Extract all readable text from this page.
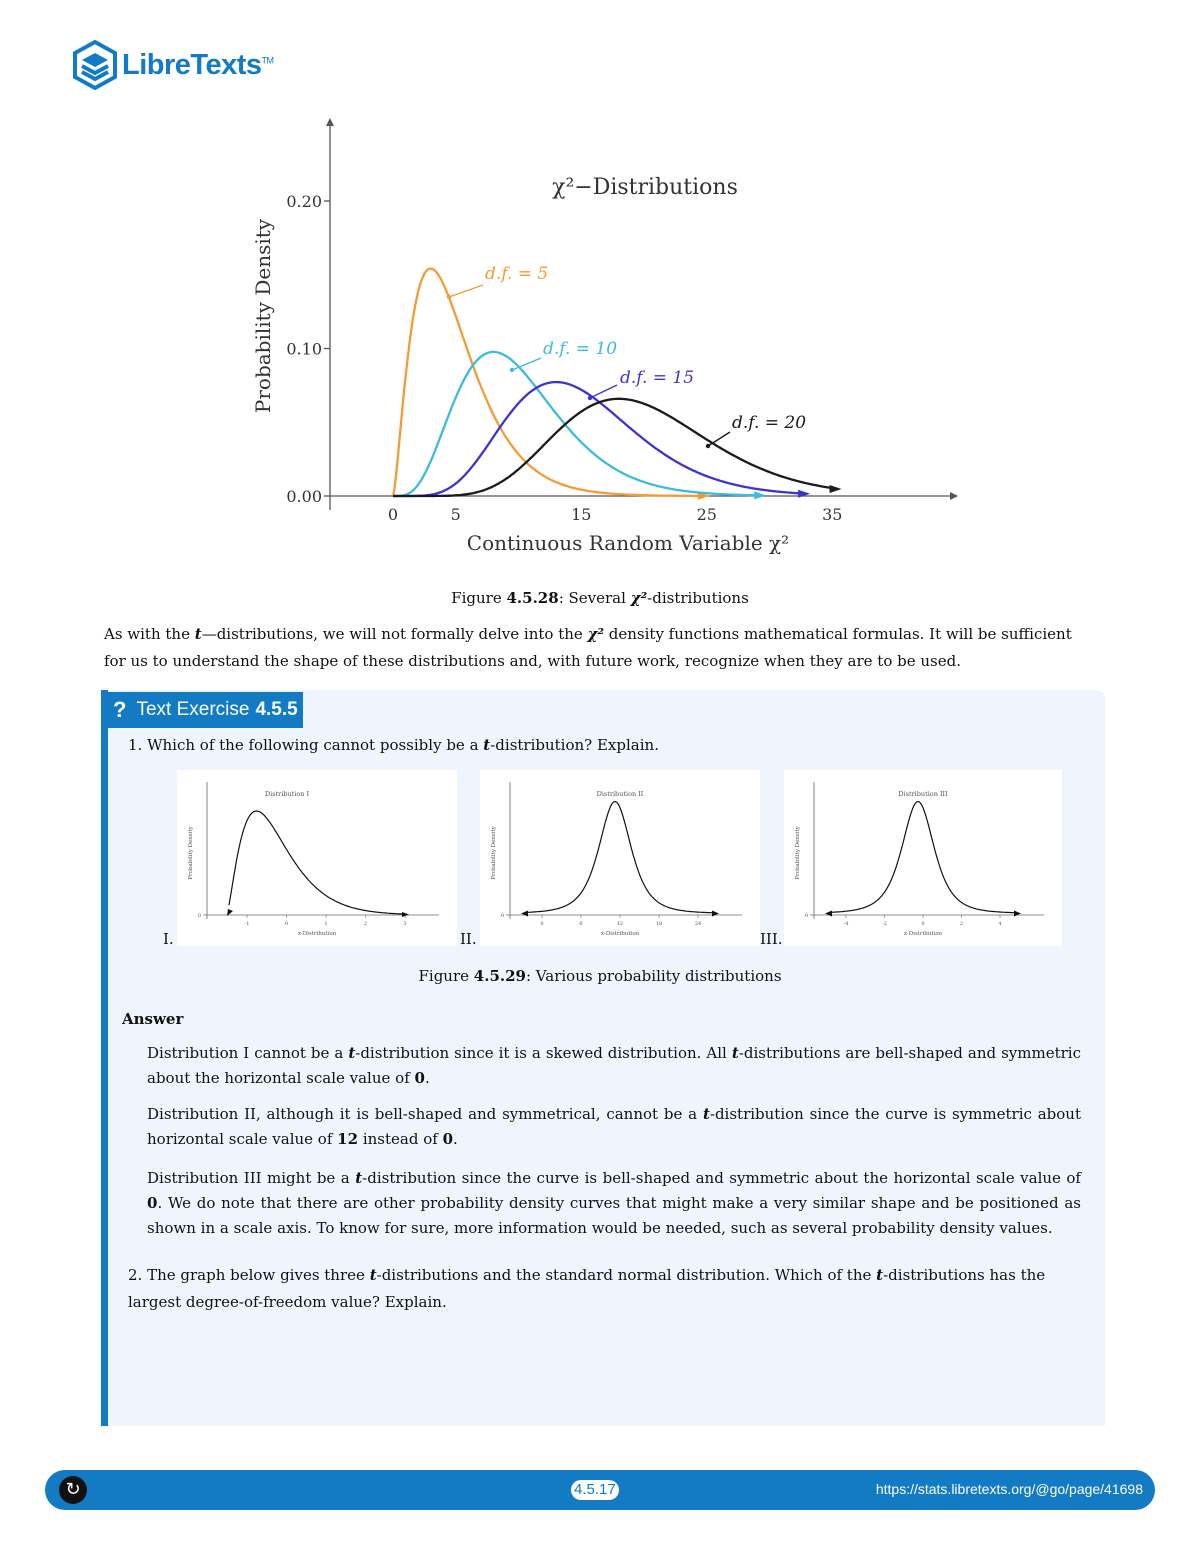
LibreTexts™
0	5	15	25	35
0.00
0.10
0.20
χ²−Distributions
Continuous Random Variable χ²
Probability Density	d.f. = 5
d.f. = 10
d.f. = 15
d.f. = 20
Figure 4.5.28: Several χ²-distributions
As with the t—distributions, we will not formally delve into the χ² density functions mathematical formulas. It will be sufficient for us to understand the shape of these distributions and, with future work, recognize when they are to be used.
? Text Exercise 4.5.5
1. Which of the following cannot possibly be a t-distribution? Explain.
Distribution I
x-Distribution
Probability Density
0
-1	0	1	2	3
Distribution II
x-Distribution
Probability Density
0
0	6	12	18	24
Distribution III
x-Distribution
Probability Density
0
-4	-2	0	2	4
I.	II.	III.
Figure 4.5.29: Various probability distributions
Answer
Distribution I cannot be a t-distribution since it is a skewed distribution. All t-distributions are bell-shaped and symmetric about the horizontal scale value of 0.
Distribution II, although it is bell-shaped and symmetrical, cannot be a t-distribution since the curve is symmetric about horizontal scale value of 12 instead of 0.
Distribution III might be a t-distribution since the curve is bell-shaped and symmetric about the horizontal scale value of 0. We do note that there are other probability density curves that might make a very similar shape and be positioned as shown in a scale axis. To know for sure, more information would be needed, such as several probability density values.
2. The graph below gives three t-distributions and the standard normal distribution. Which of the t-distributions has the largest degree-of-freedom value? Explain.
↻	4.5.17	https://stats.libretexts.org/@go/page/41698
